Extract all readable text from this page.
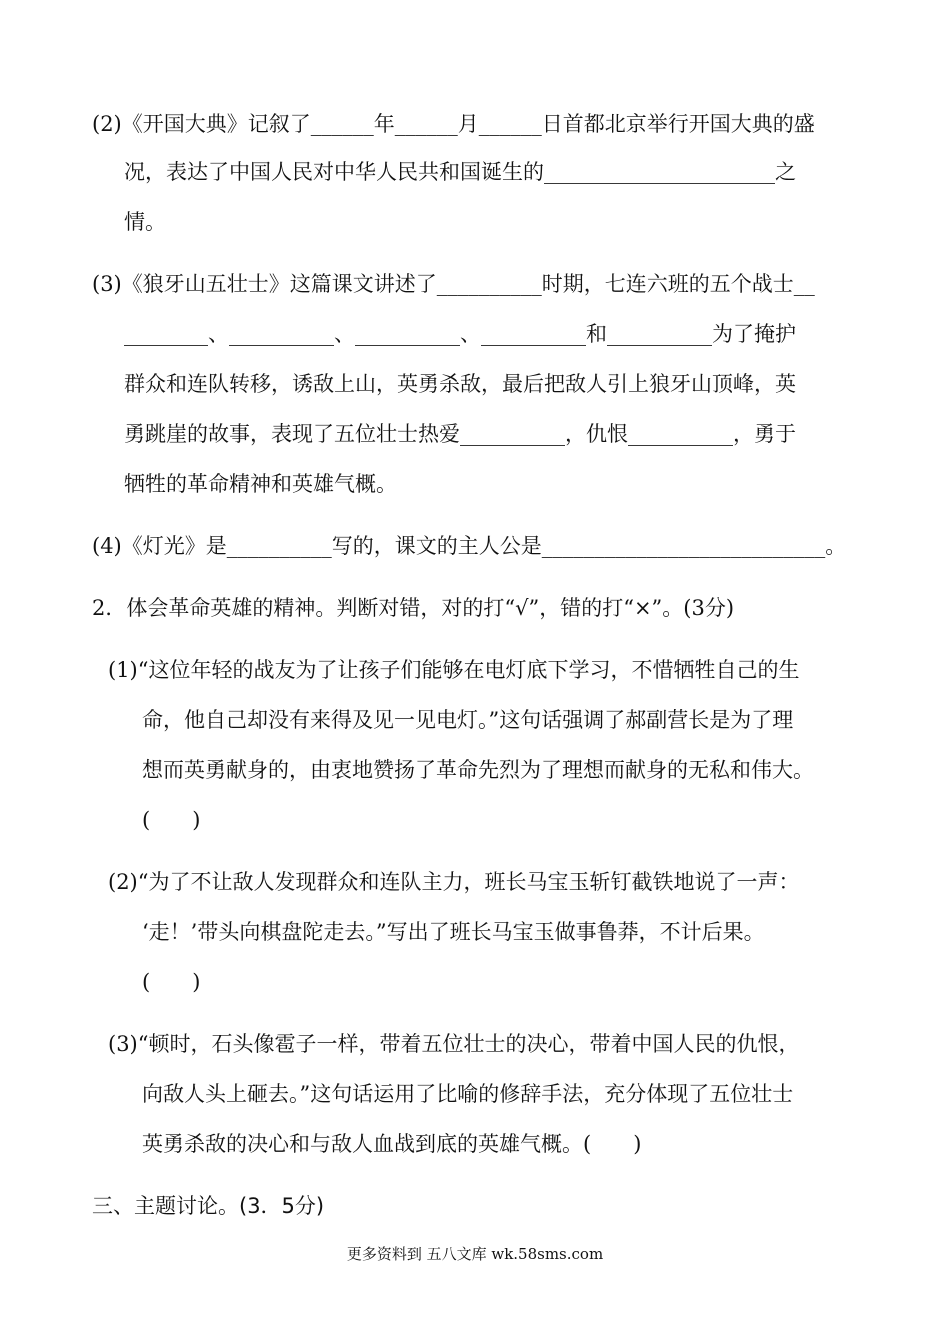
(2)《开国大典》记叙了______年______月______日首都北京举行开国大典的盛
况，表达了中国人民对中华人民共和国诞生的______________________之
情。
(3)《狼牙山五壮士》这篇课文讲述了__________时期，七连六班的五个战士__
________、__________、__________、__________和__________为了掩护
群众和连队转移，诱敌上山，英勇杀敌，最后把敌人引上狼牙山顶峰，英
勇跳崖的故事，表现了五位壮士热爱__________，仇恨__________，勇于
牺牲的革命精神和英雄气概。
(4)《灯光》是__________写的，课文的主人公是___________________________。
2．体会革命英雄的精神。判断对错，对的打“√”，错的打“×”。(3分)
(1)“这位年轻的战友为了让孩子们能够在电灯底下学习，不惜牺牲自己的生
命，他自己却没有来得及见一见电灯。”这句话强调了郝副营长是为了理
想而英勇献身的，由衷地赞扬了革命先烈为了理想而献身的无私和伟大。
(　　)
(2)“为了不让敌人发现群众和连队主力，班长马宝玉斩钉截铁地说了一声：
‘走！’带头向棋盘陀走去。”写出了班长马宝玉做事鲁莽，不计后果。
(　　)
(3)“顿时，石头像雹子一样，带着五位壮士的决心，带着中国人民的仇恨，
向敌人头上砸去。”这句话运用了比喻的修辞手法，充分体现了五位壮士
英勇杀敌的决心和与敌人血战到底的英雄气概。(　　)
三、主题讨论。(3．5分)
更多资料到 五八文库 wk.58sms.com
